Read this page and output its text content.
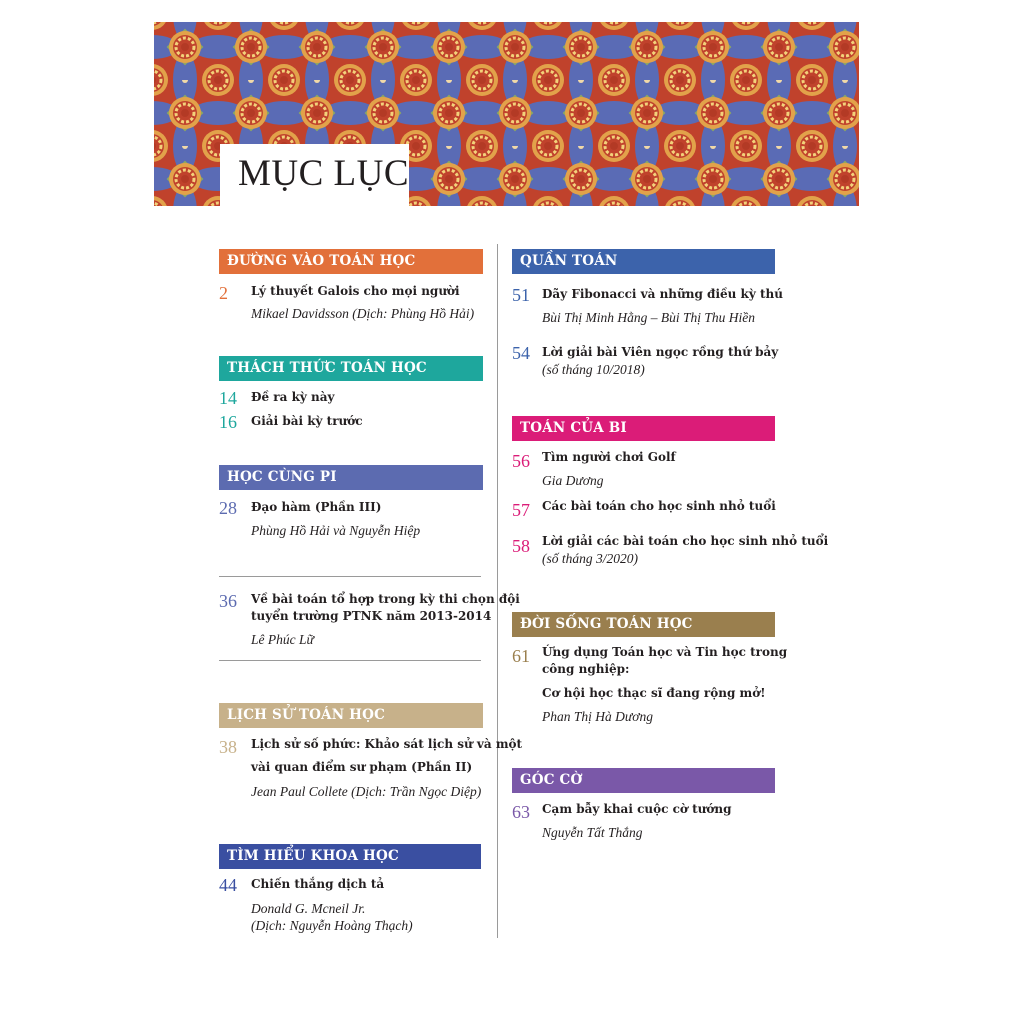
MỤC LỤC
ĐƯỜNG VÀO TOÁN HỌC
2 Lý thuyết Galois cho mọi người
Mikael Davidsson (Dịch: Phùng Hồ Hải)
THÁCH THỨC TOÁN HỌC
14 Đề ra kỳ này
16 Giải bài kỳ trước
HỌC CÙNG PI
28 Đạo hàm (Phần III)
Phùng Hồ Hải và Nguyễn Hiệp
36 Về bài toán tổ hợp trong kỳ thi chọn đội
tuyển trường PTNK năm 2013-2014
Lê Phúc Lữ
LỊCH SỬ TOÁN HỌC
38 Lịch sử số phức: Khảo sát lịch sử và một
vài quan điểm sư phạm (Phần II)
Jean Paul Collete (Dịch: Trần Ngọc Diệp)
TÌM HIỂU KHOA HỌC
44 Chiến thắng dịch tả
Donald G. Mcneil Jr.
(Dịch: Nguyễn Hoàng Thạch)
QUẦN TOÁN
51 Dãy Fibonacci và những điều kỳ thú
Bùi Thị Minh Hằng – Bùi Thị Thu Hiền
54 Lời giải bài Viên ngọc rồng thứ bảy
(số tháng 10/2018)
TOÁN CỦA BI
56 Tìm người chơi Golf
Gia Dương
57 Các bài toán cho học sinh nhỏ tuổi
58 Lời giải các bài toán cho học sinh nhỏ tuổi
(số tháng 3/2020)
ĐỜI SỐNG TOÁN HỌC
61 Ứng dụng Toán học và Tin học trong
công nghiệp:
Cơ hội học thạc sĩ đang rộng mở!
Phan Thị Hà Dương
GÓC CỜ
63 Cạm bẫy khai cuộc cờ tướng
Nguyễn Tất Thắng
